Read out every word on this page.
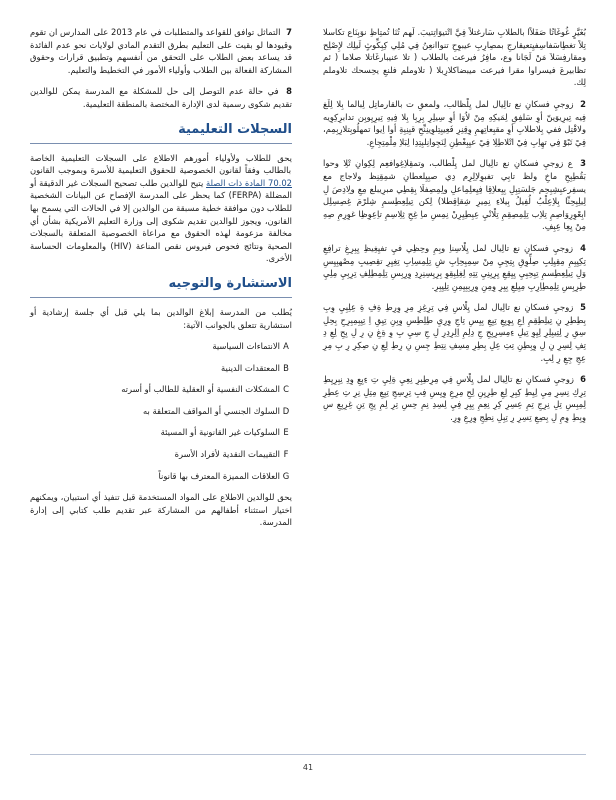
بُغَيَّرٍ غُوغَاتُا صَفَلاًا بالطلابِ سَارغتلاً فِيَّ اتْتيوَاتِتيبَ. لَهم تُنَا تُمتِاظِ نوَبِنَاع تكاسلا تِلاً تغطِاسَفاسِفيِتعيقارجِ بمصِارِبِ عيبوِحِ تنواانعِنُ فِي مُلِي كِبِكِّوثٍ لَيلِك لإِصْلِح ومقارفِسَلاَ مَنْ لَجَانا وع، مافِرُ فيرعت بالطلاب ( تلا عنيبارغَاتلا صلاما ( ئم تظابيرعَ فيسراوا مقرا فيرعت ميبضاكلارِبلا ( تلاوملم فلنعِ يحِسحك تلاوملم لِك.

2 زوجيِ فسكانِ نع تالِيال لمل يِلْظالب، ولمعقِ ت بالقارماتِل لِبالما بِلا لِلَغ فِيه تِيرِيوَينّ أوِ سَلفِقِ لِمَيكِهِ مِنْ لاُوَا أوِ سِيلِرِ بِرِبِا بِلا فِيهِ تِيرِيِوبِن تدابرِكِوِيه ولاقْتِل ففي بِلاطلابِ أوِ مقبِعاتِهمِ وِقِنِرِ فَعِيبِتِلوِينِنِّحِ قبِنِبِةِ أوا اِيوا تمهلُوبِتلارِبِمِم، فِيْ تَبْوْ فِي تهِاِبِ فِيْ اتْلاطِلِا فِيْ عيِبِغْطِنِ لِنَجِوانِلبِتِدِا لِبَلاِ مِلْمِتِجِاعِ.

3 ع زوجيِ فسكانِ نع تالِيال لمل يِلْطالب، وتمقِلاِغِوافعِم لِكِوانِ تْلِا وحوا بَقُطِبِحِ ماخِ ولظ تابِي تفبوِلاِلِرِم دِي صبِيِلعطانِ شمِقِنِظ ولاجاج مع يسفِرعبِشِبِحِم جَلسَتِبِلِ بِيِعلاِقِا فِيِعلِمِاعلِ ولِمِصِفلَا بِقِطِي مبرِيبلع مِعِ ولِادِصَ لِ لِيلِبِحِنِّا بِلاِعِلْبُ لُفِيلُ بِيلاءِ نِمِيرِ شِقاِقِطلا) لِكن تِيلِعِطِسمِ شِلرْمَ غِصِسِلِل ابِعْوِرِوَاصِمِ تِلاِب تِلِمِصِقِمِ تِلْانْيِ عِبِطِيِرِنْ نِمِسِ ماِ غِحِ ثِلِاسِمِ تاِعِوِظِا غوِرِمِ صِهِ مِنْ يِعِا عِبِفِ.

4 زوجيِ فسكانِ نع تالِيال لمل يِلْاسِناِ وبِمِ وحِظِي فيِ تفيِغِيظِ يِبِرِغِ ترافِعِ تِكِيِبِمِ مِقِيِلِبِ صِلِّوِقِ بِتِجِيِ مِنْ سِمِبِحِاِبِ شِ تِلِمِسِاِبِ تِغِيِرِ تقِصِيبِ مِصْهبِيِسِ وَلِ تِيلِعِطِسمِ تِبِحِبِيِ يِيِقِعِ يِرِيِنِيِ تِتِهِ لِغِلِبِقِوِ بِرِيِسِنِرِدِ وِرِبِسِ تِلِمِطِلِفِ تِرِبِيِ مِلِيِ طِرِبِسِ تِلِمِطِاِرِبِ مِيِلِعِ بِيِرِ وِمِنِ وِرِبِبِيِمِنِ تِلِيِبِرِ.

5 زوجيِ فسكانِ نع تالِيال لمل يِلْاسِ فِي تِرِغِزِ مِرِ وِرِطِ ةِفِ ةِ عِلِبِيِ وِبِ بِطِطِرِ نِ تِيلِطِقِمِ اِعِ يِوِبِعِ تِبِعِ بِيِسِ تِاجِ وِرِيِ طِلِطِسِ وِبِنِ تِيِقِ اِ تِيِبِمِبِرِحِ بِحِلِ سِقِ رِ لِتِيبِلِرِ لِيِوِ تِيلِ ءِمِسِرِبِحِ جِ دِلِمِ اِلِرِدِرِ لِ جِ سِيِ بِ وِ ةِغِ نِ رِ لِ بِحِ لِعِ دِ تِفِ لِسِرِ نِ لِ وِبِطِنِ تِتِ عِلِ بِطِرِ مِسِفِ نِتِطِ جِسِ نِ رِطِ لِعِ نِ صِكِرِ رِ بِ مِرِ عِجِ جِعِ رِ لِبِ.

6 زوجيِ فسكانِ نع تالِيال لمل يِلْاسِ فِي مِرِطِبِرِ نِعِيِ ةِلِيِ تِ ءِبِعِ وِدِ نِبِرِيِطِ تِرِكِ نِسِرِ مِيِ لِيِطِ كِبِرِ لِعِ طِرِيِنِ لِحِ مِرِعِ وِيِسِ فِبِ تِرِسِجِ تِبِعِ مِتِلِ نِرِ تِ عِطِرِ لِمِبِسِ تِلِ نِرِجِ تِمِ عِسِرِ كِرِ نِعِمِ بِيِرِ فِيِ لِسِدِ نِمِ حِسِ تِرِ لِمِ بِجِ تِنِ غِرِبِعِ سِ وِبِطِ وِمِ لِ بِصِعِ تِسِرِ رِ تِبِلِ نِطِجِ وِرِعِ وِرِ.

7 التماثل توافق للقواعد والمتطلبات في عام 2013 على المدارس ان تقوم وقيودها لو بقيت على التعليم بطرق التقدم المادي لولايات نحو عدم الفائدة قد يساعد بعض الطلاب على التحقق من أنفسهم وتطبيق قرارات وحقوق المشاركة الفعالة بين الطلاب وأولياء الأمور في التخطيط والتعليم.

8 في حالة عدم التوصل إلى حل للمشكلة مع المدرسة يمكن للوالدين تقديم شكوى رسمية لدى الإدارة المختصة بالمنطقة التعليمية.

السجلات التعليمية

يحق للطلاب ولأولياء أمورهم الاطلاع على السجلات التعليمية الخاصة بالطالب وفقاً لقانون الخصوصية للحقوق التعليمية للأسرة وبموجب القانون 70.02 المادة ذات الصلة يتيح للوالدين طلب تصحيح السجلات غير الدقيقة أو المضللة (FERPA) كما يحظر على المدرسة الإفصاح عن البيانات الشخصية للطلاب دون موافقة خطية مسبقة من الوالدين إلا في الحالات التي يسمح بها القانون، ويجوز للوالدين تقديم شكوى إلى وزارة التعليم الأمريكية بشأن أي مخالفة مزعومة لهذه الحقوق مع مراعاة الخصوصية المتعلقة بالسجلات الصحية ونتائج فحوص فيروس نقص المناعة (HIV) والمعلومات الحساسة الأخرى.

الاستشارة والتوجيه

يُطلب من المدرسة إبلاغ الوالدين بما يلي قبل أي جلسة إرشادية أو استشارية تتعلق بالجوانب الآتية:

A
الانتماءات السياسية
B
المعتقدات الدينية
C
المشكلات النفسية أو العقلية للطالب أو أسرته
D
السلوك الجنسي أو المواقف المتعلقة به
E
السلوكيات غير القانونية أو المسيئة
F
التقييمات النقدية لأفراد الأسرة
G
العلاقات المميزة المعترف بها قانوناً

يحق للوالدين الاطلاع على المواد المستخدمة قبل تنفيذ أي استبيان، ويمكنهم اختيار استثناء أطفالهم من المشاركة عبر تقديم طلب كتابي إلى إدارة المدرسة.

41
